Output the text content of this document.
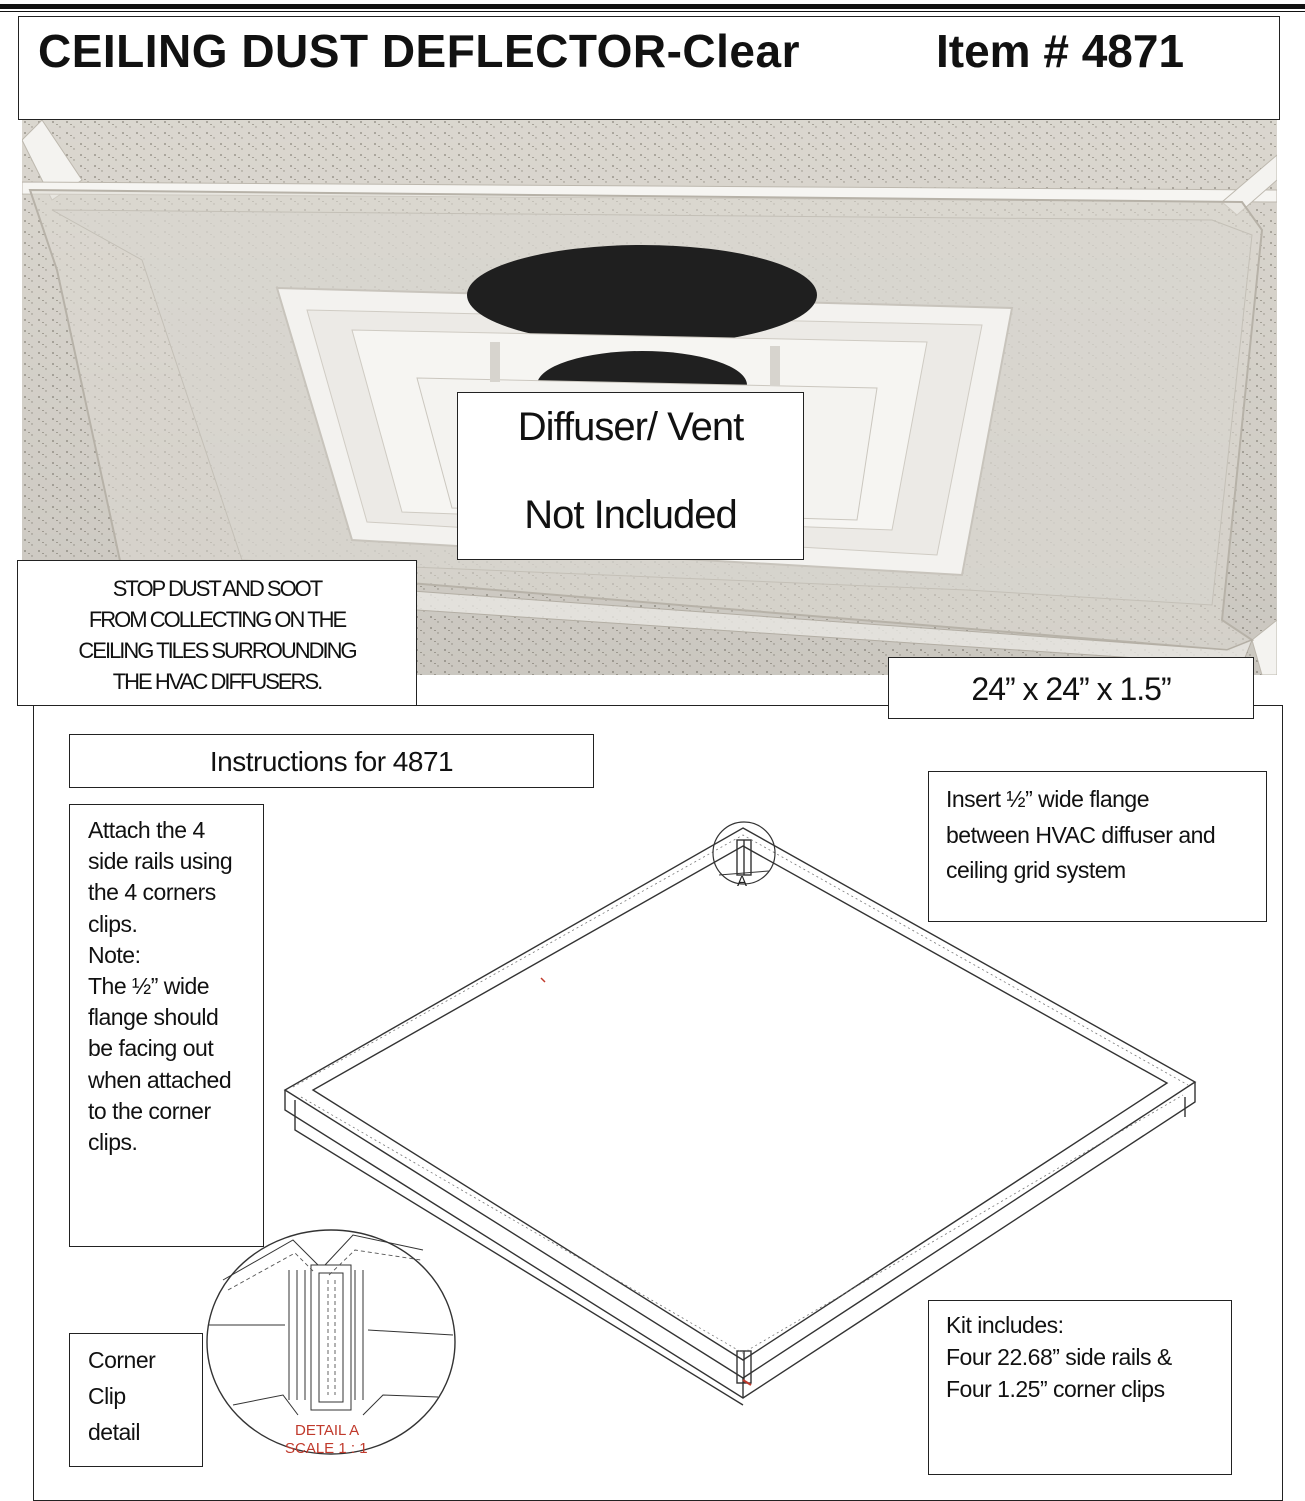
CEILING DUST DEFLECTOR-Clear	Item # 4871
Diffuser/ Vent
Not Included
STOP DUST AND SOOT
FROM COLLECTING ON THE
CEILING TILES SURROUNDING
THE HVAC DIFFUSERS.	24” x 24” x 1.5”
A
DETAIL A
SCALE 1 : 1
Instructions for 4871
Attach the 4
side rails using
the 4 corners
clips.
Note:
The ½” wide
flange should
be facing out
when attached
to the corner
clips.
Insert ½” wide flange
between HVAC diffuser and
ceiling grid system
Kit includes:
Four 22.68” side rails &
Four 1.25” corner clips
Corner
Clip
detail
